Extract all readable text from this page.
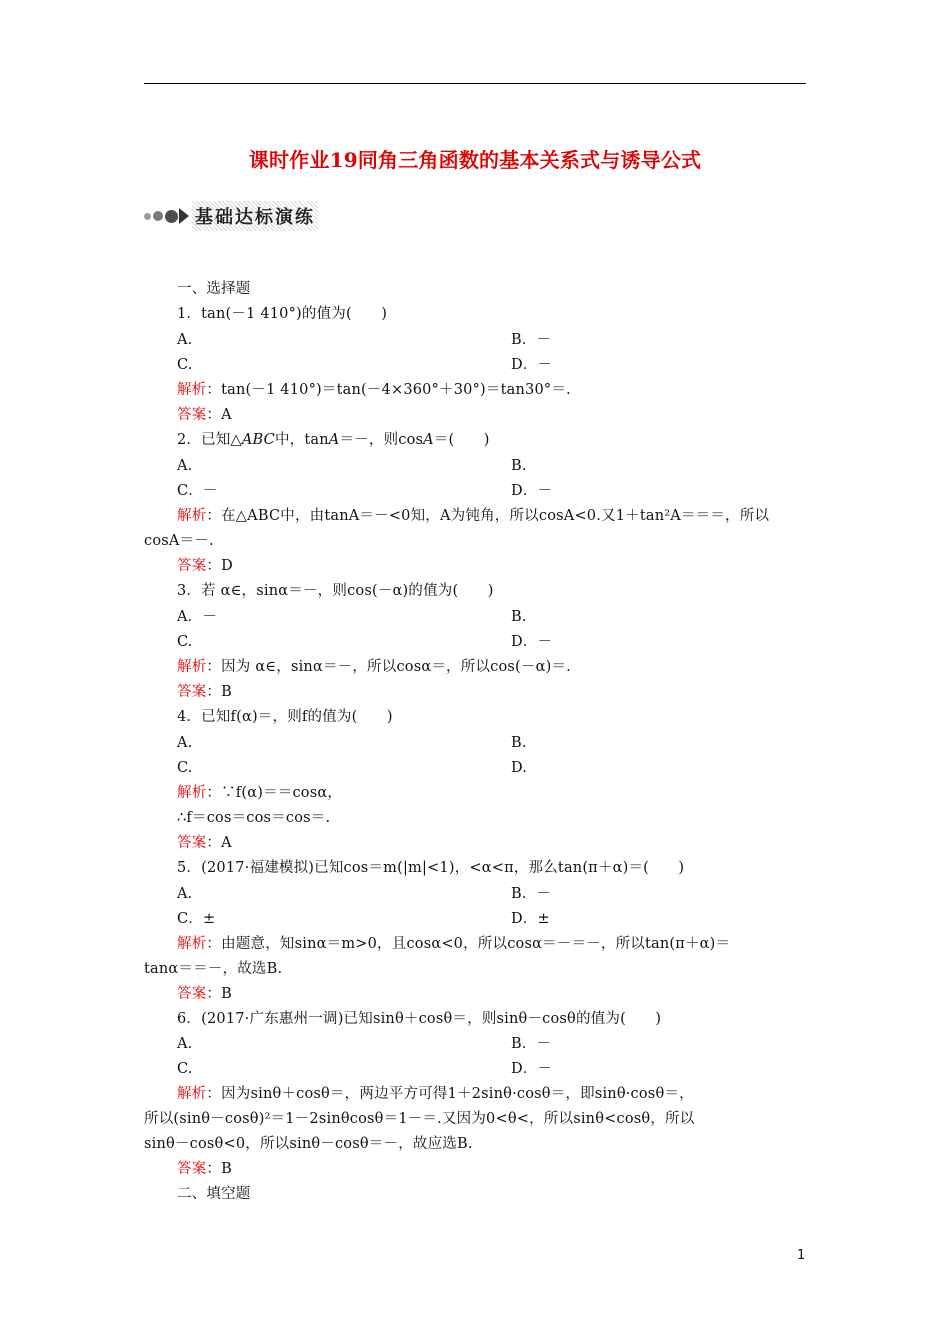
课时作业19同角三角函数的基本关系式与诱导公式
基础达标演练
一、选择题
1．tan(－1 410°)的值为(　　)
A.	B．－
C.	D．－
解析：tan(－1 410°)＝tan(－4×360°＋30°)＝tan30°＝.
答案：A
2．已知△ABC中，tanA＝－，则cosA＝(　　)
A.	B.
C．－	D．－
解析：在△ABC中，由tanA＝－<0知，A为钝角，所以cosA<0.又1＋tan²A＝＝＝，所以
cosA＝－.
答案：D
3．若 α∈，sinα＝－，则cos(－α)的值为(　　)
A．－	B.
C.	D．－
解析：因为 α∈，sinα＝－，所以cosα＝，所以cos(－α)＝.
答案：B
4．已知f(α)＝，则f的值为(　　)
A.	B.
C.	D.
解析：∵f(α)＝＝cosα，
∴f＝cos＝cos＝cos＝.
答案：A
5．(2017·福建模拟)已知cos＝m(|m|<1)，<α<π，那么tan(π＋α)＝(　　)
A.	B．－
C．±	D．±
解析：由题意，知sinα＝m>0，且cosα<0，所以cosα＝－＝－，所以tan(π＋α)＝
tanα＝＝－，故选B.
答案：B
6．(2017·广东惠州一调)已知sinθ＋cosθ＝，则sinθ－cosθ的值为(　　)
A.	B．－
C.	D．－
解析：因为sinθ＋cosθ＝，两边平方可得1＋2sinθ·cosθ＝，即sinθ·cosθ＝，
所以(sinθ－cosθ)²＝1－2sinθcosθ＝1－＝.又因为0<θ<，所以sinθ<cosθ，所以
sinθ－cosθ<0，所以sinθ－cosθ＝－，故应选B.
答案：B
二、填空题
1
